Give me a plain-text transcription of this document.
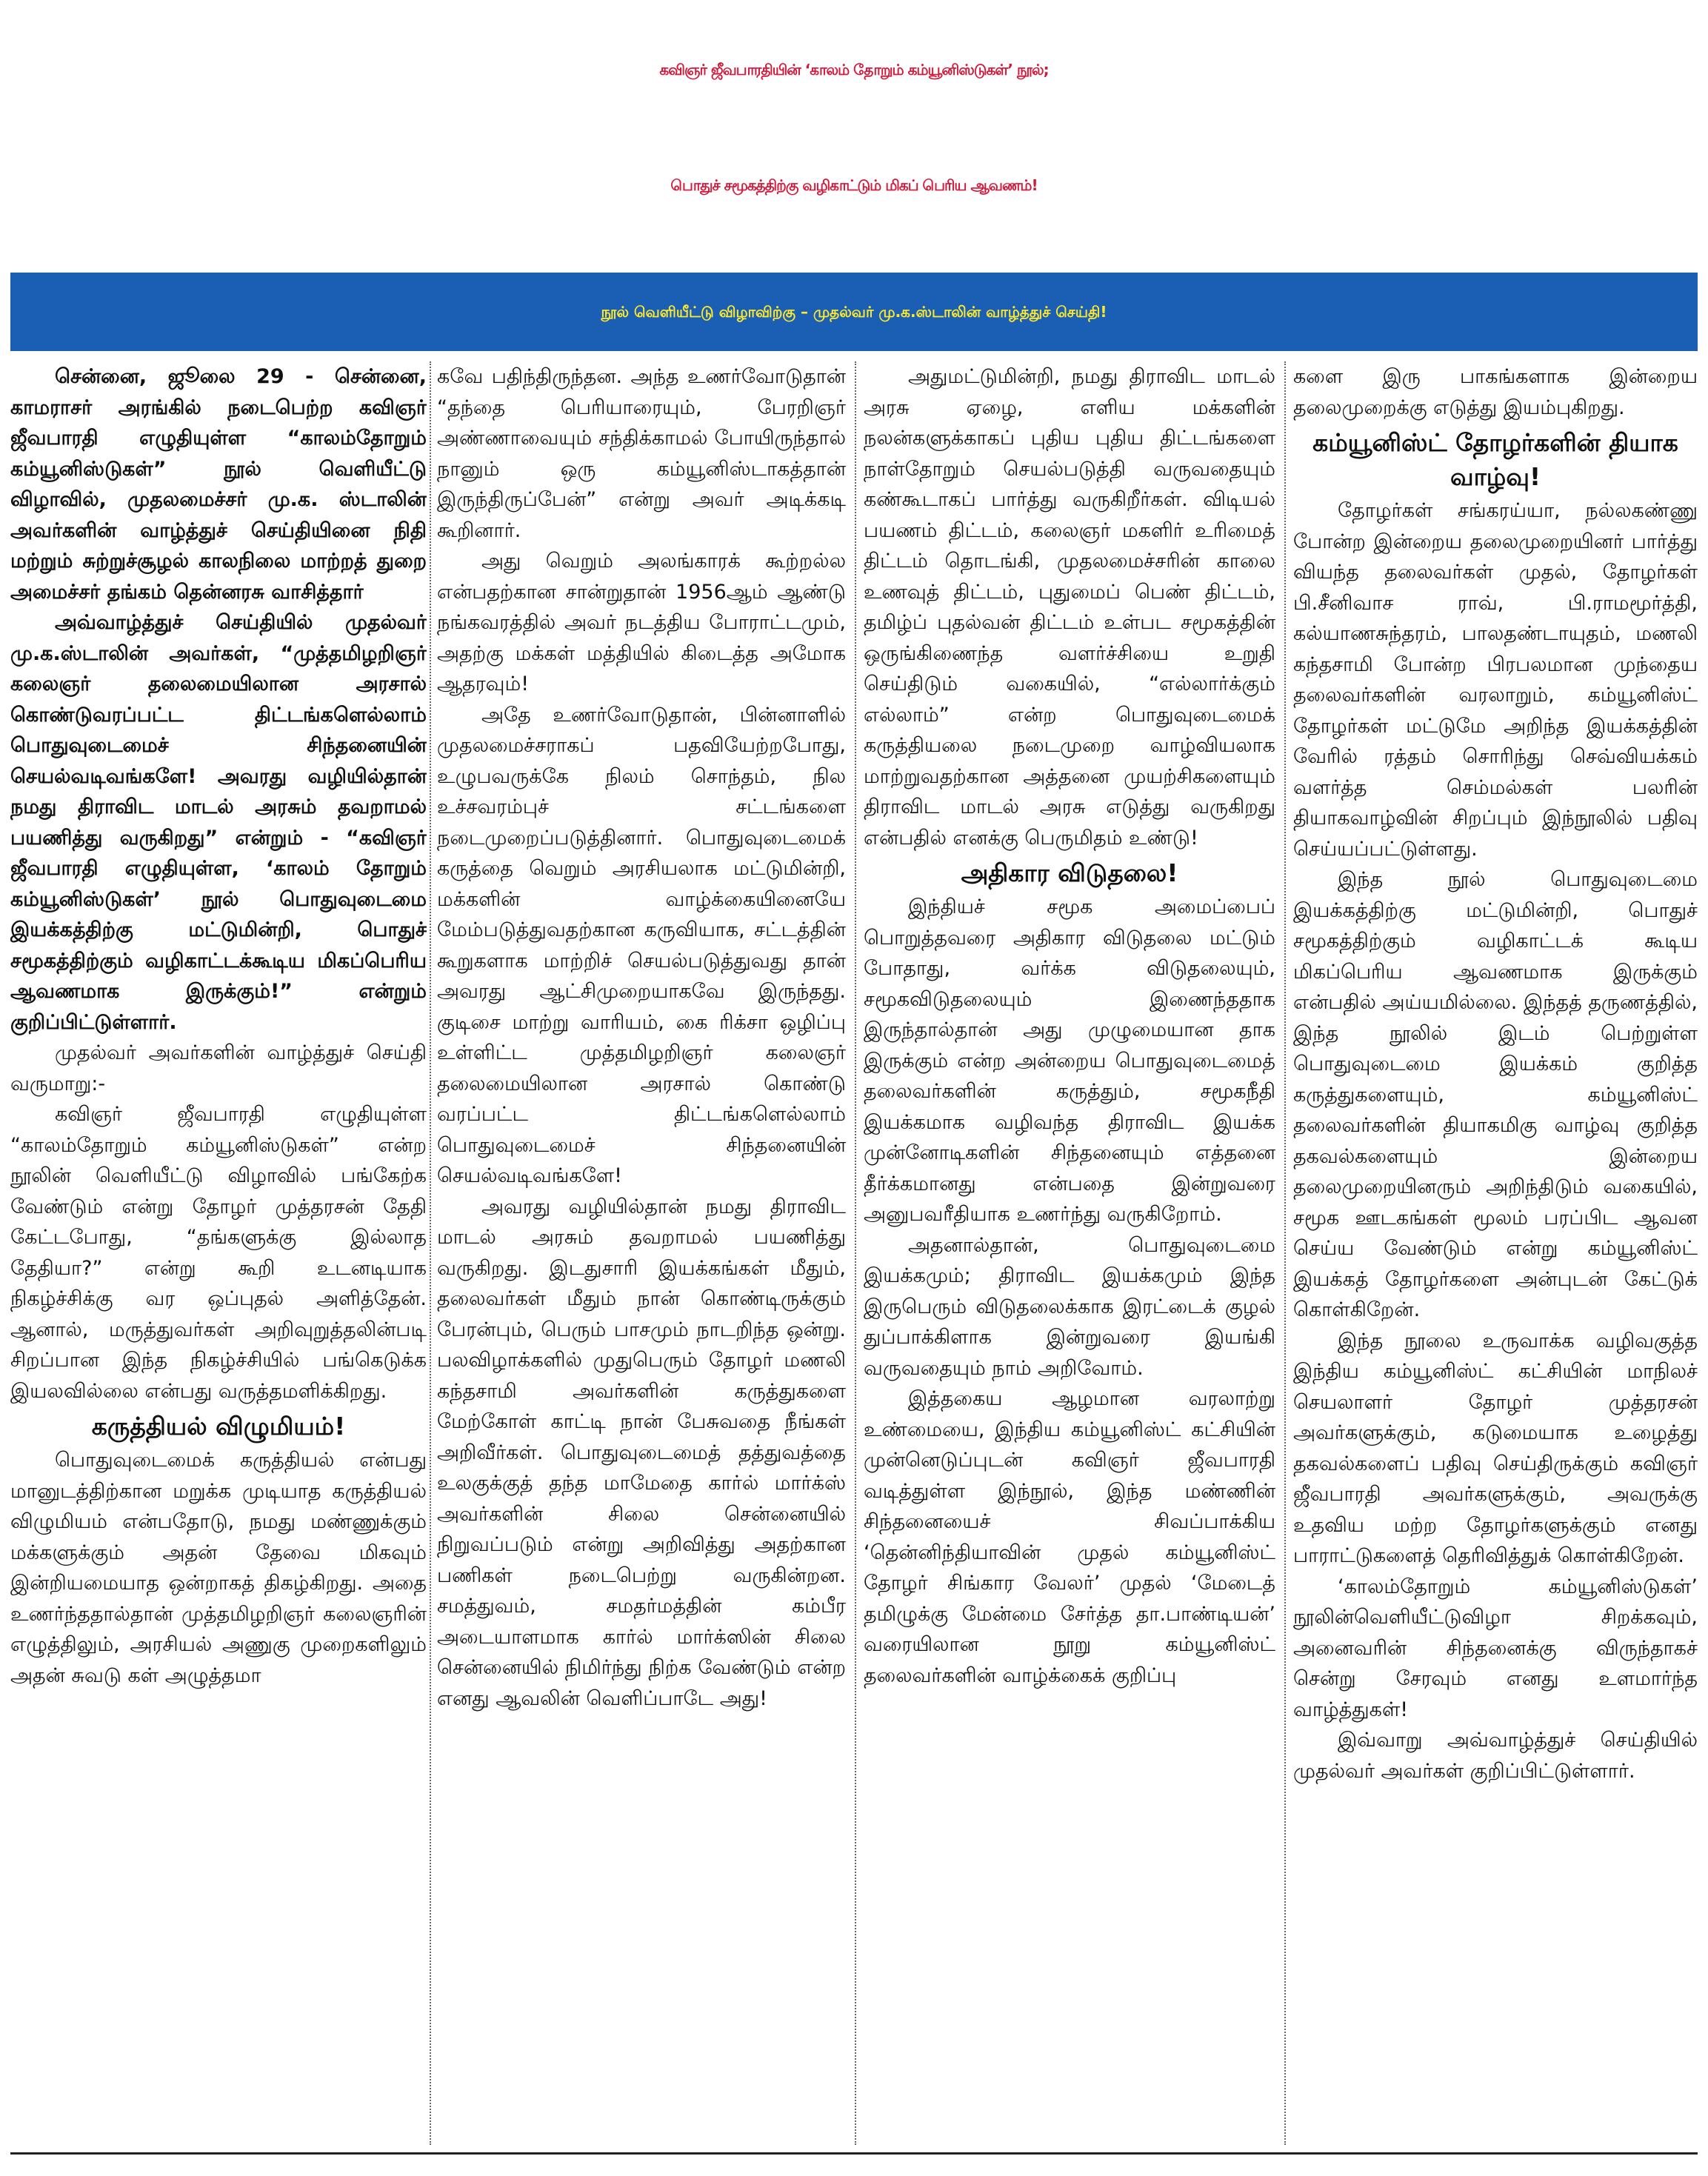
கவிஞர் ஜீவபாரதியின் ‘காலம் தோறும் கம்யூனிஸ்டுகள்’ நூல்;
பொதுச் சமூகத்திற்கு வழிகாட்டும் மிகப் பெரிய ஆவணம்!
நூல் வெளியீட்டு விழாவிற்கு – முதல்வர் மு.க.ஸ்டாலின் வாழ்த்துச் செய்தி!

சென்னை, ஜூலை 29 - சென்னை, காமராசர் அரங்கில் நடைபெற்ற கவிஞர் ஜீவபாரதி எழுதியுள்ள “காலம்தோறும் கம்யூனிஸ்டுகள்” நூல் வெளியீட்டு விழாவில், முதலமைச்சர் மு.க. ஸ்டாலின் அவர்களின் வாழ்த்துச் செய்தியினை நிதி மற்றும் சுற்றுச்சூழல் காலநிலை மாற்றத் துறை அமைச்சர் தங்கம் தென்னரசு வாசித்தார்

அவ்வாழ்த்துச் செய்தியில் முதல்வர் மு.க.ஸ்டாலின் அவர்கள், “முத்தமிழறிஞர் கலைஞர் தலைமையிலான அரசால் கொண்டுவரப்பட்ட திட்டங்களெல்லாம் பொதுவுடைமைச் சிந்தனையின் செயல்வடிவங்களே! அவரது வழியில்தான் நமது திராவிட மாடல் அரசும் தவறாமல் பயணித்து வருகிறது” என்றும் - “கவிஞர் ஜீவபாரதி எழுதியுள்ள, ‘காலம் தோறும் கம்யூனிஸ்டுகள்’ நூல் பொதுவுடைமை இயக்கத்திற்கு மட்டுமின்றி, பொதுச் சமூகத்திற்கும் வழிகாட்டக்கூடிய மிகப்பெரிய ஆவணமாக இருக்கும்!” என்றும் குறிப்பிட்டுள்ளார்.

முதல்வர் அவர்களின் வாழ்த்துச் செய்தி வருமாறு:-

கவிஞர் ஜீவபாரதி எழுதியுள்ள “காலம்தோறும் கம்யூனிஸ்டுகள்” என்ற நூலின் வெளியீட்டு விழாவில் பங்கேற்க வேண்டும் என்று தோழர் முத்தரசன் தேதி கேட்டபோது, “தங்களுக்கு இல்லாத தேதியா?” என்று கூறி உடனடியாக நிகழ்ச்சிக்கு வர ஒப்புதல் அளித்தேன். ஆனால், மருத்துவர்கள் அறிவுறுத்தலின்படி சிறப்பான இந்த நிகழ்ச்சியில் பங்கெடுக்க இயலவில்லை என்பது வருத்தமளிக்கிறது.

கருத்தியல் விழுமியம்!

பொதுவுடைமைக் கருத்தியல் என்பது மானுடத்திற்கான மறுக்க முடியாத கருத்தியல் விழுமியம் என்பதோடு, நமது மண்ணுக்கும் மக்களுக்கும் அதன் தேவை மிகவும் இன்றியமையாத ஒன்றாகத் திகழ்கிறது. அதை உணர்ந்ததால்தான் முத்தமிழறிஞர் கலைஞரின் எழுத்திலும், அரசியல் அணுகு முறைகளிலும் அதன் சுவடு கள் அழுத்தமா

கவே பதிந்திருந்தன. அந்த உணர்வோடுதான் “தந்தை பெரியாரையும், பேரறிஞர் அண்ணாவையும் சந்திக்காமல் போயிருந்தால் நானும் ஒரு கம்யூனிஸ்டாகத்தான் இருந்திருப்பேன்” என்று அவர் அடிக்கடி கூறினார்.

அது வெறும் அலங்காரக் கூற்றல்ல என்பதற்கான சான்றுதான் 1956ஆம் ஆண்டு நங்கவரத்தில் அவர் நடத்திய போராட்டமும், அதற்கு மக்கள் மத்தியில் கிடைத்த அமோக ஆதரவும்!

அதே உணர்வோடுதான், பின்னாளில் முதலமைச்சராகப் பதவியேற்றபோது, உழுபவருக்கே நிலம் சொந்தம், நில உச்சவரம்புச் சட்டங்களை நடைமுறைப்படுத்தினார். பொதுவுடைமைக் கருத்தை வெறும் அரசியலாக மட்டுமின்றி, மக்களின் வாழ்க்கையினையே மேம்படுத்துவதற்கான கருவியாக, சட்டத்தின் கூறுகளாக மாற்றிச் செயல்படுத்துவது தான் அவரது ஆட்சிமுறையாகவே இருந்தது. குடிசை மாற்று வாரியம், கை ரிக்சா ஒழிப்பு உள்ளிட்ட முத்தமிழறிஞர் கலைஞர் தலைமையிலான அரசால் கொண்டு வரப்பட்ட திட்டங்களெல்லாம் பொதுவுடைமைச் சிந்தனையின் செயல்வடிவங்களே!

அவரது வழியில்தான் நமது திராவிட மாடல் அரசும் தவறாமல் பயணித்து வருகிறது. இடதுசாரி இயக்கங்கள் மீதும், தலைவர்கள் மீதும் நான் கொண்டிருக்கும் பேரன்பும், பெரும் பாசமும் நாடறிந்த ஒன்று. பலவிழாக்களில் முதுபெரும் தோழர் மணலி கந்தசாமி அவர்களின் கருத்துகளை மேற்கோள் காட்டி நான் பேசுவதை நீங்கள் அறிவீர்கள். பொதுவுடைமைத் தத்துவத்தை உலகுக்குத் தந்த மாமேதை கார்ல் மார்க்ஸ் அவர்களின் சிலை சென்னையில் நிறுவப்படும் என்று அறிவித்து அதற்கான பணிகள் நடைபெற்று வருகின்றன. சமத்துவம், சமதர்மத்தின் கம்பீர அடையாளமாக கார்ல் மார்க்ஸின் சிலை சென்னையில் நிமிர்ந்து நிற்க வேண்டும் என்ற எனது ஆவலின் வெளிப்பாடே அது!

அதுமட்டுமின்றி, நமது திராவிட மாடல் அரசு ஏழை, எளிய மக்களின் நலன்களுக்காகப் புதிய புதிய திட்டங்களை நாள்தோறும் செயல்படுத்தி வருவதையும் கண்கூடாகப் பார்த்து வருகிறீர்கள். விடியல் பயணம் திட்டம், கலைஞர் மகளிர் உரிமைத் திட்டம் தொடங்கி, முதலமைச்சரின் காலை உணவுத் திட்டம், புதுமைப் பெண் திட்டம், தமிழ்ப் புதல்வன் திட்டம் உள்பட சமூகத்தின் ஒருங்கிணைந்த வளர்ச்சியை உறுதி செய்திடும் வகையில், “எல்லார்க்கும் எல்லாம்” என்ற பொதுவுடைமைக் கருத்தியலை நடைமுறை வாழ்வியலாக மாற்றுவதற்கான அத்தனை முயற்சிகளையும் திராவிட மாடல் அரசு எடுத்து வருகிறது என்பதில் எனக்கு பெருமிதம் உண்டு!

அதிகார விடுதலை!

இந்தியச் சமூக அமைப்பைப் பொறுத்தவரை அதிகார விடுதலை மட்டும் போதாது, வர்க்க விடுதலையும், சமூகவிடுதலையும் இணைந்ததாக இருந்தால்தான் அது முழுமையான தாக இருக்கும் என்ற அன்றைய பொதுவுடைமைத் தலைவர்களின் கருத்தும், சமூகநீதி இயக்கமாக வழிவந்த திராவிட இயக்க முன்னோடிகளின் சிந்தனையும் எத்தனை தீர்க்கமானது என்பதை இன்றுவரை அனுபவரீதியாக உணர்ந்து வருகிறோம்.

அதனால்தான், பொதுவுடைமை இயக்கமும்; திராவிட இயக்கமும் இந்த இருபெரும் விடுதலைக்காக இரட்டைக் குழல் துப்பாக்கிளாக இன்றுவரை இயங்கி வருவதையும் நாம் அறிவோம்.

இத்தகைய ஆழமான வரலாற்று உண்மையை, இந்திய கம்யூனிஸ்ட் கட்சியின் முன்னெடுப்புடன் கவிஞர் ஜீவபாரதி வடித்துள்ள இந்நூல், இந்த மண்ணின் சிந்தனையைச் சிவப்பாக்கிய ‘தென்னிந்தியாவின் முதல் கம்யூனிஸ்ட் தோழர் சிங்கார வேலர்’ முதல் ‘மேடைத் தமிழுக்கு மேன்மை சேர்த்த தா.பாண்டியன்’ வரையிலான நூறு கம்யூனிஸ்ட் தலைவர்களின் வாழ்க்கைக் குறிப்பு

களை இரு பாகங்களாக இன்றைய தலைமுறைக்கு எடுத்து இயம்புகிறது.

கம்யூனிஸ்ட் தோழர்களின் தியாக வாழ்வு!

தோழர்கள் சங்கரய்யா, நல்லகண்ணு போன்ற இன்றைய தலைமுறையினர் பார்த்து வியந்த தலைவர்கள் முதல், தோழர்கள் பி.சீனிவாச ராவ், பி.ராமமூர்த்தி, கல்யாணசுந்தரம், பாலதண்டாயுதம், மணலி கந்தசாமி போன்ற பிரபலமான முந்தைய தலைவர்களின் வரலாறும், கம்யூனிஸ்ட் தோழர்கள் மட்டுமே அறிந்த இயக்கத்தின் வேரில் ரத்தம் சொரிந்து செவ்வியக்கம் வளர்த்த செம்மல்கள் பலரின் தியாகவாழ்வின் சிறப்பும் இந்நூலில் பதிவு செய்யப்பட்டுள்ளது.

இந்த நூல் பொதுவுடைமை இயக்கத்திற்கு மட்டுமின்றி, பொதுச் சமூகத்திற்கும் வழிகாட்டக் கூடிய மிகப்பெரிய ஆவணமாக இருக்கும் என்பதில் அய்யமில்லை. இந்தத் தருணத்தில், இந்த நூலில் இடம் பெற்றுள்ள பொதுவுடைமை இயக்கம் குறித்த கருத்துகளையும், கம்யூனிஸ்ட் தலைவர்களின் தியாகமிகு வாழ்வு குறித்த தகவல்களையும் இன்றைய தலைமுறையினரும் அறிந்திடும் வகையில், சமூக ஊடகங்கள் மூலம் பரப்பிட ஆவன செய்ய வேண்டும் என்று கம்யூனிஸ்ட் இயக்கத் தோழர்களை அன்புடன் கேட்டுக் கொள்கிறேன்.

இந்த நூலை உருவாக்க வழிவகுத்த இந்திய கம்யூனிஸ்ட் கட்சியின் மாநிலச் செயலாளர் தோழர் முத்தரசன் அவர்களுக்கும், கடுமையாக உழைத்து தகவல்களைப் பதிவு செய்திருக்கும் கவிஞர் ஜீவபாரதி அவர்களுக்கும், அவருக்கு உதவிய மற்ற தோழர்களுக்கும் எனது பாராட்டுகளைத் தெரிவித்துக் கொள்கிறேன்.

‘காலம்தோறும் கம்யூனிஸ்டுகள்’ நூலின்வெளியீட்டுவிழா சிறக்கவும், அனைவரின் சிந்தனைக்கு விருந்தாகச் சென்று சேரவும் எனது உளமார்ந்த வாழ்த்துகள்!

இவ்வாறு அவ்வாழ்த்துச் செய்தியில் முதல்வர் அவர்கள் குறிப்பிட்டுள்ளார்.
